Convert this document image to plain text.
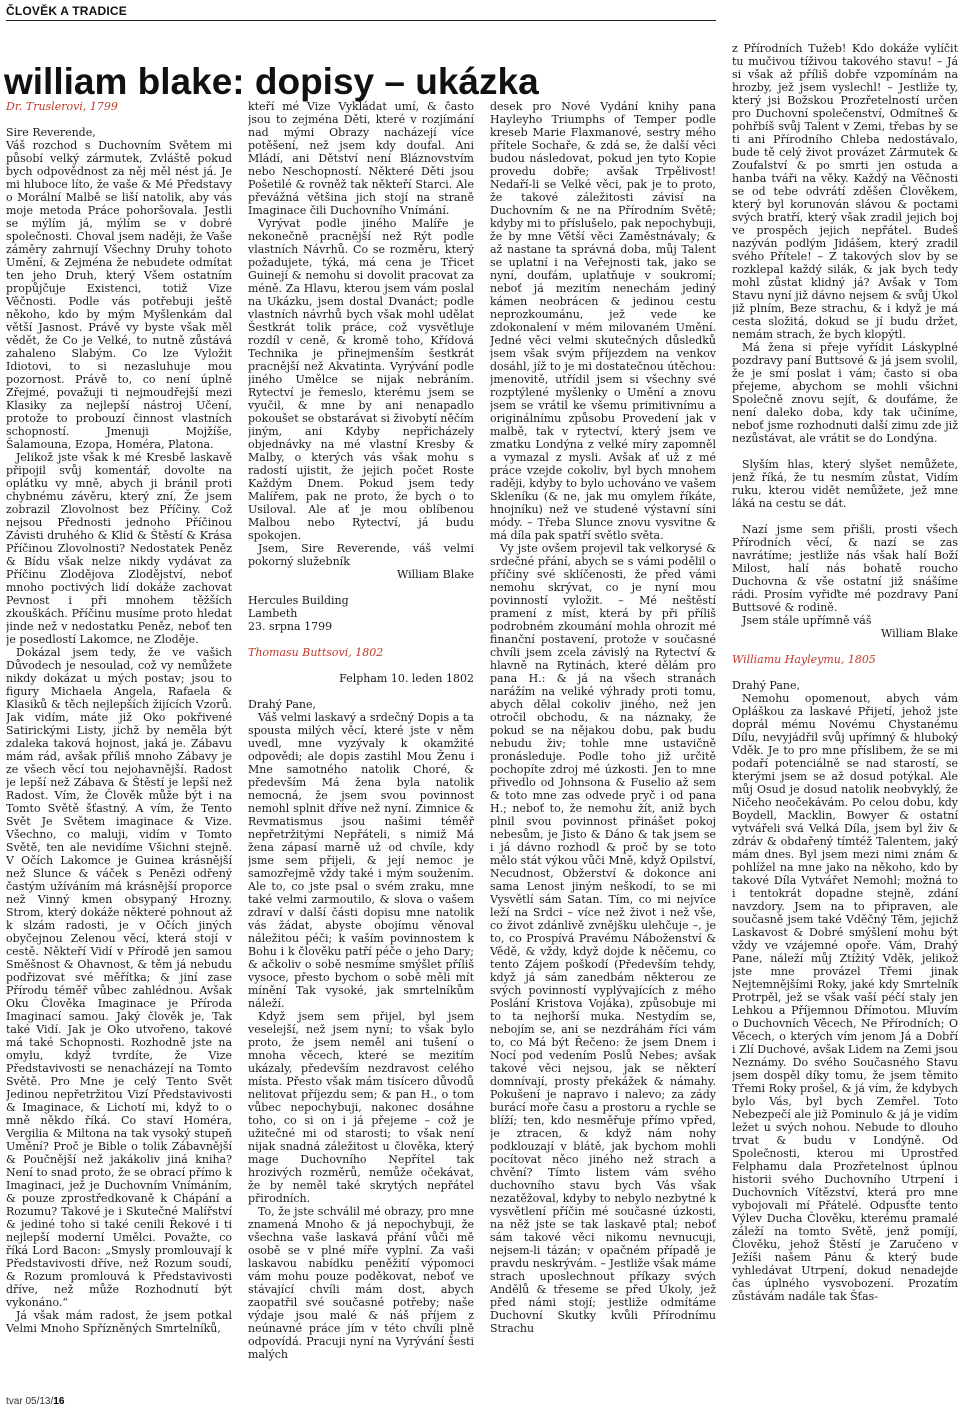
ČLOVĚK A TRADICE
william blake: dopisy – ukázka

Dr. Truslerovi, 1799

Sire Reverende,

Váš rozchod s Duchovním Světem mi působí velký zármutek, Zvláště pokud bych odpovědnost za něj měl nést já. Je mi hluboce líto, že vaše & Mé Představy o Morální Malbě se liší natolik, aby vás moje metoda Práce pohoršovala. Jestli se mýlím já, mýlím se v dobré společnosti. Choval jsem naději, že Vaše záměry zahrnují Všechny Druhy tohoto Umění, & Zejména že nebudete odmítat ten jeho Druh, který Všem ostatním propůjčuje Existenci, totiž Vize Věčnosti. Podle vás potřebuji ještě někoho, kdo by mým Myšlenkám dal větší Jasnost. Právě vy byste však měl vědět, že Co je Velké, to nutně zůstává zahaleno Slabým. Co lze Vyložit Idiotovi, to si nezasluhuje mou pozornost. Právě to, co není úplně Zřejmé, považuji ti nejmoudřejší mezi Klasiky za nejlepší nástroj Učení, protože to probouzí činnost vlastních schopností. Jmenuji Mojžíše, Šalamouna, Ezopa, Homéra, Platona.

Jelikož jste však k mé Kresbě laskavě připojil svůj komentář, dovolte na oplátku vy mně, abych ji bránil proti chybnému závěru, který zní, Že jsem zobrazil Zlovolnost bez Příčiny. Což nejsou Přednosti jednoho Příčinou Závisti druhého & Klid & Štěstí & Krása Příčinou Zlovolnosti? Nedostatek Peněz & Bídu však nelze nikdy vydávat za Příčinu Zlodějova Zlodějství, neboť mnoho poctivých lidí dokáže zachovat Pevnost i při mnohem těžších zkouškách. Příčinu musíme proto hledat jinde než v nedostatku Peněz, neboť ten je posedlostí Lakomce, ne Zloděje.

Dokázal jsem tedy, že ve vašich Důvodech je nesoulad, což vy nemůžete nikdy dokázat u mých postav; jsou to figury Michaela Angela, Rafaela & Klasiků & těch nejlepších žijících Vzorů. Jak vidím, máte již Oko pokřivené Satirickými Listy, jichž by neměla být zdaleka taková hojnost, jaká je. Zábavu mám rád, avšak příliš mnoho Zábavy je ze všech věcí tou nejohavnější. Radost je lepší než Zábava & Štěstí je lepší než Radost. Vím, že Člověk může být i na Tomto Světě šťastný. A vím, že Tento Svět Je Světem imaginace & Vize. Všechno, co maluji, vidím v Tomto Světě, ten ale nevidíme Všichni stejně. V Očích Lakomce je Guinea krásnější než Slunce & váček s Penězi odřený častým užíváním má krásnější proporce než Vinný kmen obsypaný Hrozny. Strom, který dokáže některé pohnout až k slzám radosti, je v Očích jiných obyčejnou Zelenou věcí, která stojí v cestě. Někteří Vidí v Přírodě jen samou Směšnost & Ohavnost, & těm já nebudu podřizovat své měřítka; & jiní zase Přírodu téměř vůbec zahlédnou. Avšak Oku Člověka Imaginace je Příroda Imaginací samou. Jaký člověk je, Tak také Vidí. Jak je Oko utvořeno, takové má také Schopnosti. Rozhodně jste na omylu, když tvrdíte, že Vize Představivosti se nenacházejí na Tomto Světě. Pro Mne je celý Tento Svět Jedinou nepřetržitou Vizí Představivosti & Imaginace, & Lichotí mi, když to o mně někdo říká. Co staví Homéra, Vergilia & Miltona na tak vysoký stupeň Umění? Proč je Bible o tolik Zábavnější & Poučnější než jakákoliv jiná kniha? Není to snad proto, že se obrací přímo k Imaginaci, jež je Duchovním Vnímáním, & pouze zprostředkovaně k Chápání a Rozumu? Takové je i Skutečné Malířství & jediné toho si také cenili Řekové i ti nejlepší moderní Umělci. Považte, co říká Lord Bacon: „Smysly promlouvají k Představivosti dříve, než Rozum soudí, & Rozum promlouvá k Představivosti dříve, než může Rozhodnutí být vykonáno.“

Já však mám radost, že jsem potkal Velmi Mnoho Spřízněných Smrtelníků,

kteří mé Vize Vykládat umí, & často jsou to zejména Děti, které v rozjímání nad mými Obrazy nacházejí více potěšení, než jsem kdy doufal. Ani Mládí, ani Dětství není Bláznovstvím nebo Neschopností. Některé Děti jsou Pošetilé & rovněž tak někteří Starci. Ale převážná většina jich stojí na straně Imaginace čili Duchovního Vnímání.

Vyrývat podle jiného Malíře je nekonečně pracnější než Rýt podle vlastních Návrhů. Co se rozměru, který požadujete, týká, má cena je Třicet Guinejí & nemohu si dovolit pracovat za méně. Za Hlavu, kterou jsem vám poslal na Ukázku, jsem dostal Dvanáct; podle vlastních návrhů bych však mohl udělat Šestkrát tolik práce, což vysvětluje rozdíl v ceně, & kromě toho, Křídová Technika je přinejmenším šestkrát pracnější než Akvatinta. Vyrývání podle jiného Umělce se nijak nebráním. Rytectví je řemeslo, kterému jsem se vyučil, & mne by ani nenapadlo pokoušet se obstarávat si živobytí něčím jiným, ani Kdyby nepřicházely objednávky na mé vlastní Kresby & Malby, o kterých vás však mohu s radostí ujistit, že jejich počet Roste Každým Dnem. Pokud jsem tedy Malířem, pak ne proto, že bych o to Usiloval. Ale ať je mou oblíbenou Malbou nebo Rytectví, já budu spokojen.

Jsem, Sire Reverende, váš velmi pokorný služebník

William Blake

Hercules Building

Lambeth

23. srpna 1799

Thomasu Buttsovi, 1802

Felpham 10. leden 1802

Drahý Pane,

Váš velmi laskavý a srdečný Dopis a ta spousta milých věcí, které jste v něm uvedl, mne vyzývaly k okamžité odpovědi; ale dopis zastihl Mou Ženu i Mne samotného natolik Choré, & především Má žena byla natolik nemocná, že jsem svou povinnost nemohl splnit dříve než nyní. Zimnice & Revmatismus jsou našimi téměř nepřetržitými Nepřáteli, s nimiž Má žena zápasí marně už od chvíle, kdy jsme sem přijeli, & její nemoc je samozřejmě vždy také i mým soužením. Ale to, co jste psal o svém zraku, mne také velmi zarmoutilo, & slova o vašem zdraví v další části dopisu mne natolik vás žádat, abyste obojímu věnoval náležitou péči; k vaším povinnostem k Bohu i k člověku patří péče o jeho Dary; & ačkoliv o sobě nesmíme smýšlet příliš vysoce, přesto bychom o sobě měli mít mínění Tak vysoké, jak smrtelníkům náleží.

Když jsem sem přijel, byl jsem veselejší, než jsem nyní; to však bylo proto, že jsem neměl ani tušení o mnoha věcech, které se mezitím ukázaly, především nezdravost celého místa. Přesto však mám tisícero důvodů nelitovat příjezdu sem; & pan H., o tom vůbec nepochybuji, nakonec dosáhne toho, co si on i já přejeme – což je užitečné mi od starosti; to však není nijak snadná záležitost u člověka, který mage Duchovního Nepřítel tak hrozivých rozměrů, nemůže očekávat, že by neměl také skrytých nepřátel přirodních.

To, že jste schválil mé obrazy, pro mne znamená Mnoho & já nepochybuji, že všechna vaše laskavá přání vůči mě osobě se v plné míře vyplní. Za vaši laskavou nabídku peněžití výpomoci vám mohu pouze poděkovat, neboť ve stávající chvíli mám dost, abych zaopatřil své současné potřeby; naše výdaje jsou malé & náš příjem z neúnavné práce jím v této chvíli plně odpovídá. Pracuji nyní na Vyrývání šesti malých

desek pro Nové Vydání knihy pana Hayleyho Triumphs of Temper podle kreseb Marie Flaxmanové, sestry mého přítele Sochaře, & zdá se, že další věci budou následovat, pokud jen tyto Kopie provedu dobře; avšak Trpělivost! Nedaří-li se Velké věci, pak je to proto, že takové záležitosti závisí na Duchovním & ne na Přírodním Světě; kdyby mi to příslušelo, pak nepochybuji, že by mne Větší věci Zaměstnávaly; & až nastane ta správná doba, můj Talent se uplatní i na Veřejnosti tak, jako se nyní, doufám, uplatňuje v soukromí; neboť já mezitím nenechám jediný kámen neobrácen & jedinou cestu neprozkoumánu, jež vede ke zdokonalení v mém milovaném Umění. Jedné věci velmi skutečných důsledků jsem však svým příjezdem na venkov dosáhl, jíž to je mi dostatečnou útěchou: jmenovitě, utřídil jsem si všechny své rozptýlené myšlenky o Umění a znovu jsem se vrátil ke všemu primitivnímu a originálnímu způsobu Provedení jak v malbě, tak v rytectví, který jsem ve zmatku Londýna z velké míry zapomněl a vymazal z mysli. Avšak ať už z mé práce vzejde cokoliv, byl bych mnohem raději, kdyby to bylo uchováno ve vašem Skleníku (& ne, jak mu omylem říkáte, hnojníku) než ve studené výstavní síni módy. – Třeba Slunce znovu vysvitne & má díla pak spatří světlo světa.

Vy jste ovšem projevil tak velkorysé & srdečné přání, abych se s vámi podělil o příčiny své sklíčenosti, že před vámi nemohu skrývat, co je nyní mou povinností vyložit. – Mé neštěstí pramení z míst, která by při příliš podrobném zkoumání mohla ohrozit mé finanční postavení, protože v současné chvíli jsem zcela závislý na Rytectví & hlavně na Rytinách, které dělám pro pana H.: & já na všech stranách narážím na veliké výhrady proti tomu, abych dělal cokoliv jiného, než jen otročil obchodu, & na náznaky, že pokud se na nějakou dobu, pak budu nebudu živ; tohle mne ustavičně pronásleduje. Podle toho již určitě pochopíte zdroj mé úzkosti. Jen to mne přivedlo od Johnsona & Fuselio až sem & toto mne zas odvede pryč i od pana H.; neboť to, že nemohu žít, aniž bych plnil svou povinnost přinášet pokoj nebesům, je Jisto & Dáno & tak jsem se i já dávno rozhodl & proč by se toto mělo stát výkou vůči Mně, když Opilství, Necudnost, Obžerství & dokonce ani sama Lenost jiným neškodí, to se mi Vysvětlí sám Satan. Tím, co mi nejvíce leží na Srdci – více než život i než vše, co život zdánlivě zvnějšku ulehčuje –, je to, co Prospívá Pravému Náboženství & Vědě, & vždy, když dojde k něčemu, co tento Zájem poškodí (Především tehdy, když já sám zanedbám některou ze svých povinností vyplývajících z mého Poslání Kristova Vojáka), způsobuje mi to ta nejhorší muka. Nestydím se, nebojím se, ani se nezdráhám říci vám to, co Má být Řečeno: že jsem Dnem i Nocí pod vedením Poslů Nebes; avšak takové věci nejsou, jak se některí domnívají, prosty překážek & námahy. Pokušení je napravo i nalevo; za zády burácí moře času a prostoru a rychle se blíží; ten, kdo nesměřuje přímo vpřed, je ztracen, & když nám nohy podklouzají v blátě, jak bychom mohli pocítovat něco jiného než strach a chvění? Tímto listem vám svého duchovního stavu bych Vás však nezatěžoval, kdyby to nebylo nezbytné k vysvětlení příčin mé současné úzkosti, na něž jste se tak laskavě ptal; neboť sám takové věci nikomu nevnucuji, nejsem-li tázán; v opačném případě je pravdu neskrývám. – Jestliže však máme strach uposlechnout příkazy svých Andělů & třeseme se před Úkoly, jež před námi stojí; jestliže odmítáme Duchovní Skutky kvůli Přírodnímu Strachu

z Přírodních Tužeb! Kdo dokáže vylíčit tu mučivou tíživou takového stavu! – Já si však až příliš dobře vzpomínám na hrozby, jež jsem vyslechl! – Jestliže ty, který jsi Božskou Prozřetelností určen pro Duchovní společenství, Odmítneš & pohřbíš svůj Talent v Zemi, třebas by se ti ani Přírodního Chleba nedostávalo, bude tě celý život provázet Zármutek & Zoufalství & po smrti jen ostuda a hanba tváři na věky. Každý na Věčnosti se od tebe odvrátí zděšen Člověkem, který byl korunován slávou & poctami svých bratří, který však zradil jejich boj ve prospěch jejich nepřátel. Budeš nazýván podlým Jidášem, který zradil svého Přítele! – Z takových slov by se rozklepal každý silák, & jak bych tedy mohl zůstat klidný já? Avšak v Tom Stavu nyní již dávno nejsem & svůj Úkol již plním, Beze strachu, & i když je má cesta složitá, dokud se jí budu držet, nemám strach, že bych klopýtl.

Má žena si přeje vyřídit Láskyplné pozdravy paní Buttsové & já jsem svolil, že je smí poslat i vám; často si oba přejeme, abychom se mohli všichni Společně znovu sejít, & doufáme, že není daleko doba, kdy tak učiníme, neboť jsme rozhodnuti další zimu zde již nezůstávat, ale vrátit se do Londýna.

Slyším hlas, který slyšet nemůžete, jenž říká, že tu nesmím zůstat, Vidím ruku, kterou vidět nemůžete, jež mne láká na cestu se dát.

Nazí jsme sem přišli, prosti všech Přírodních věcí, & nazí se zas navrátíme; jestliže nás však halí Boží Milost, halí nás bohatě roucho Duchovna & vše ostatní již snášíme rádi. Prosím vyřiďte mé pozdravy Paní Buttsové & rodině.

Jsem stále upřímně váš

William Blake

Williamu Hayleymu, 1805

Drahý Pane,

Nemohu opomenout, abych vám Opláškou za laskavé Přijetí, jehož jste doprál mému Novému Chystanému Dílu, nevyjádřil svůj upřímný & hluboký Vděk. Je to pro mne příslibem, že se mi podaří potenciálně se nad starostí, se kterými jsem se až dosud potýkal. Ale můj Osud je dosud natolik neobvyklý, že Ničeho neočekávám. Po celou dobu, kdy Boydell, Macklin, Bowyer & ostatní vytvářeli svá Velká Díla, jsem byl živ & zdráv & obdařený tímtéž Talentem, jaký mám dnes. Byl jsem mezi nimi znám & pohlížel na mne jako na někoho, kdo by takové Díla Vytvářet Nemohl; možná to i tentokrát dopadne stejně, zdání navzdory. Jsem na to připraven, ale současně jsem také Vděčný Těm, jejichž Laskavost & Dobré smýšlení mohu být vždy ve vzájemné opoře. Vám, Drahý Pane, náleží můj Ztížitý Vděk, jelikož jste mne provázel Třemi jinak Nejtemnějšími Roky, jaké kdy Smrtelník Protrpěl, jež se však vaší péčí staly jen Lehkou a Příjemnou Dřímotou. Mluvím o Duchovních Věcech, Ne Přírodních; O Věcech, o kterých vím jenom Já a Dobří i Zlí Duchové, avšak Lidem na Zemi jsou Neznámy. Do svého Současného Stavu jsem dospěl díky tomu, že jsem těmito Třemi Roky prošel, & já vím, že kdybych bylo Vás, byl bych Zemřel. Toto Nebezpečí ale již Pominulo & já je vidím ležet u svých nohou. Nebude to dlouho trvat & budu v Londýně. Od Společnosti, kterou mi Uprostřed Felphamu dala Prozřetelnost úplnou historii svého Duchovního Utrpení i Duchovních Vítězství, která pro mne vybojovali mí Přátelé. Odpusťte tento Výlev Ducha Člověku, kterému pramalé záleží na tomto Světě, jenž pomíjí, Člověku, jehož Štěstí je Zaručeno v Ježíši našem Pánu & který bude vyhledávat Utrpení, dokud nenadejde čas úplného vysvobození. Prozatím zůstávám nadále tak Šťas-

tvar 05/13/16
